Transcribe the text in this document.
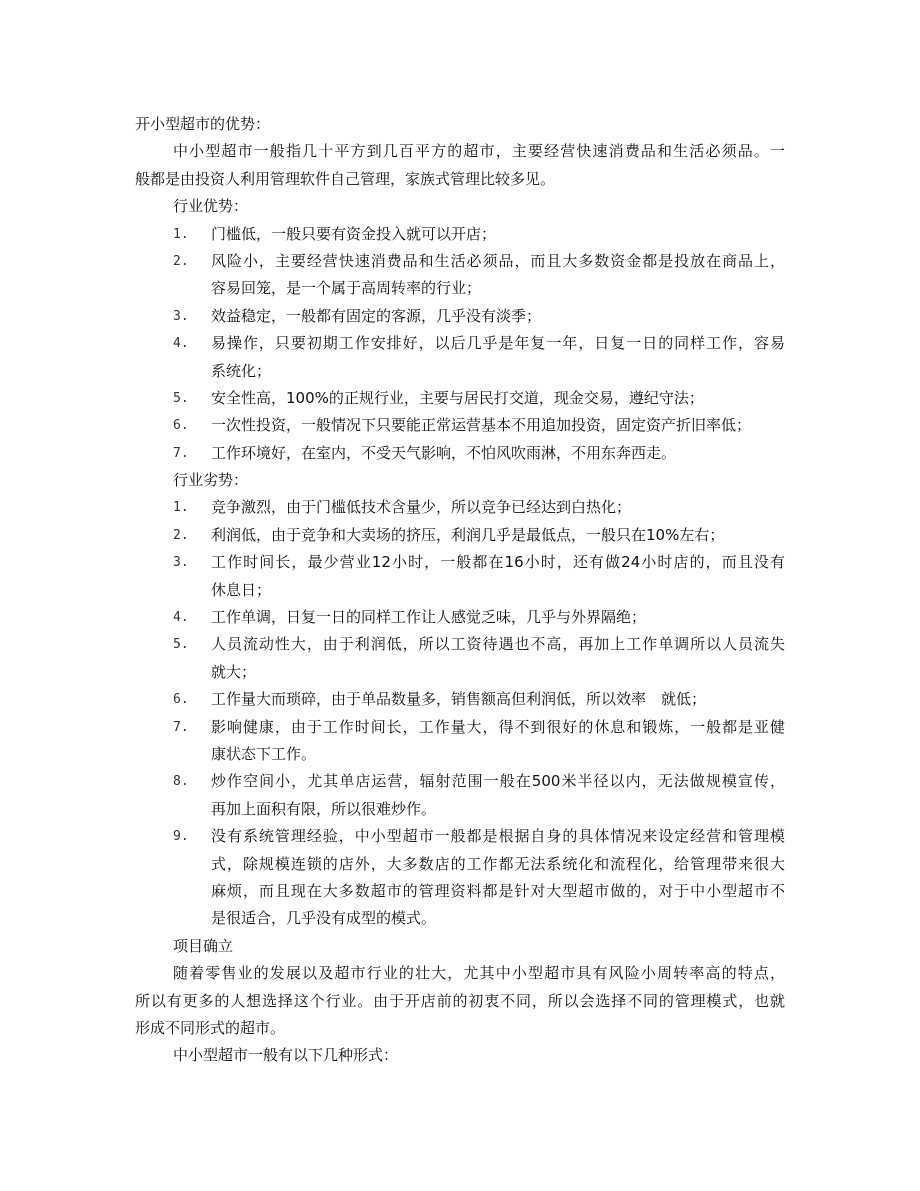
开小型超市的优势：
中小型超市一般指几十平方到几百平方的超市，主要经营快速消费品和生活必须品。一
般都是由投资人利用管理软件自己管理，家族式管理比较多见。
行业优势：
门槛低，一般只要有资金投入就可以开店；
1.
风险小，主要经营快速消费品和生活必须品，而且大多数资金都是投放在商品上，
2.
容易回笼，是一个属于高周转率的行业；
效益稳定，一般都有固定的客源，几乎没有淡季；
3.
易操作，只要初期工作安排好，以后几乎是年复一年，日复一日的同样工作，容易
4.
系统化；
安全性高，100%的正规行业，主要与居民打交道，现金交易，遵纪守法；
5.
一次性投资，一般情况下只要能正常运营基本不用追加投资，固定资产折旧率低；
6.
工作环境好，在室内，不受天气影响，不怕风吹雨淋，不用东奔西走。
7.
行业劣势：
竞争激烈，由于门槛低技术含量少，所以竞争已经达到白热化；
1.
利润低，由于竞争和大卖场的挤压，利润几乎是最低点，一般只在10%左右；
2.
工作时间长，最少营业12小时，一般都在16小时，还有做24小时店的，而且没有
3.
休息日；
工作单调，日复一日的同样工作让人感觉乏味，几乎与外界隔绝；
4.
人员流动性大，由于利润低，所以工资待遇也不高，再加上工作单调所以人员流失
5.
就大；
工作量大而琐碎，由于单品数量多，销售额高但利润低，所以效率　就低；
6.
影响健康，由于工作时间长，工作量大，得不到很好的休息和锻炼，一般都是亚健
7.
康状态下工作。
炒作空间小，尤其单店运营，辐射范围一般在500米半径以内，无法做规模宣传，
8.
再加上面积有限，所以很难炒作。
没有系统管理经验，中小型超市一般都是根据自身的具体情况来设定经营和管理模
9.
式，除规模连锁的店外，大多数店的工作都无法系统化和流程化，给管理带来很大
麻烦，而且现在大多数超市的管理资料都是针对大型超市做的，对于中小型超市不
是很适合，几乎没有成型的模式。
项目确立
随着零售业的发展以及超市行业的壮大，尤其中小型超市具有风险小周转率高的特点，
所以有更多的人想选择这个行业。由于开店前的初衷不同，所以会选择不同的管理模式，也就
形成不同形式的超市。
中小型超市一般有以下几种形式：
